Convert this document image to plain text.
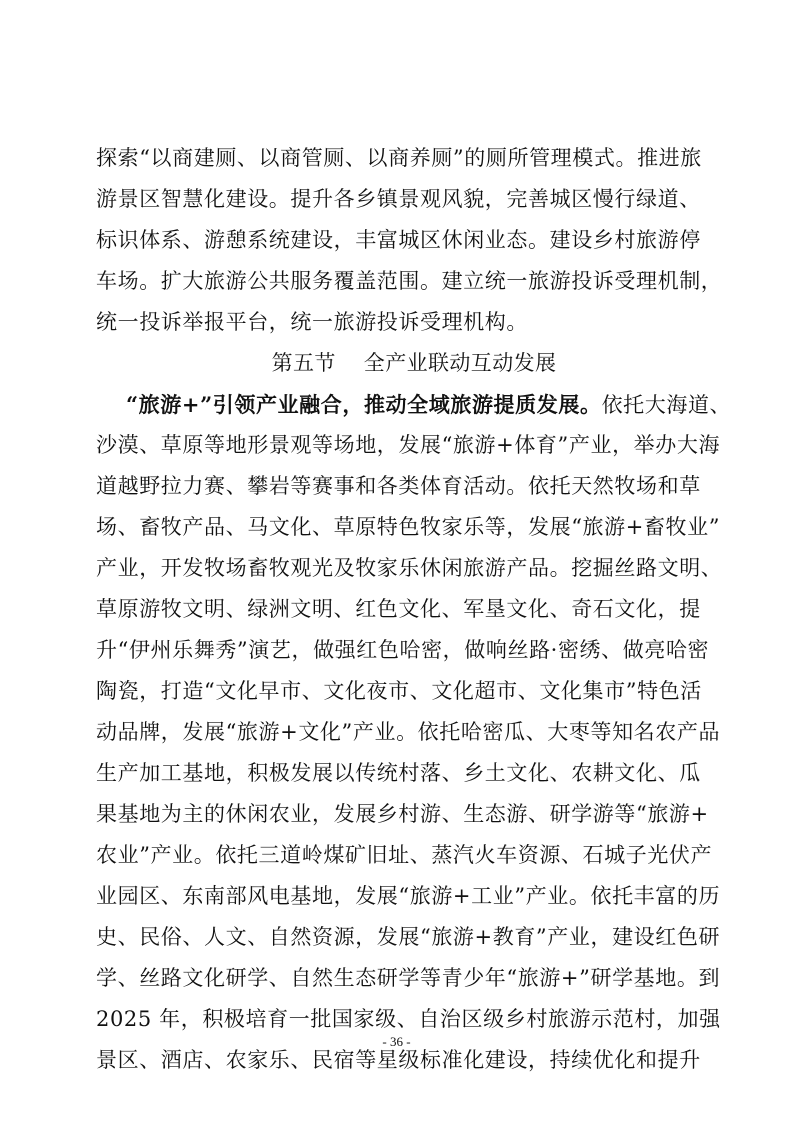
探索“以商建厕、以商管厕、以商养厕”的厕所管理模式。推进旅
游景区智慧化建设。提升各乡镇景观风貌，完善城区慢行绿道、
标识体系、游憩系统建设，丰富城区休闲业态。建设乡村旅游停
车场。扩大旅游公共服务覆盖范围。建立统一旅游投诉受理机制，
统一投诉举报平台，统一旅游投诉受理机构。
第五节 全产业联动互动发展
“旅游+”引领产业融合，推动全域旅游提质发展。依托大海道、
沙漠、草原等地形景观等场地，发展“旅游+体育”产业，举办大海
道越野拉力赛、攀岩等赛事和各类体育活动。依托天然牧场和草
场、畜牧产品、马文化、草原特色牧家乐等，发展“旅游+畜牧业”
产业，开发牧场畜牧观光及牧家乐休闲旅游产品。挖掘丝路文明、
草原游牧文明、绿洲文明、红色文化、军垦文化、奇石文化，提
升“伊州乐舞秀”演艺，做强红色哈密，做响丝路·密绣、做亮哈密
陶瓷，打造“文化早市、文化夜市、文化超市、文化集市”特色活
动品牌，发展“旅游+文化”产业。依托哈密瓜、大枣等知名农产品
生产加工基地，积极发展以传统村落、乡土文化、农耕文化、瓜
果基地为主的休闲农业，发展乡村游、生态游、研学游等“旅游+
农业”产业。依托三道岭煤矿旧址、蒸汽火车资源、石城子光伏产
业园区、东南部风电基地，发展“旅游+工业”产业。依托丰富的历
史、民俗、人文、自然资源，发展“旅游+教育”产业，建设红色研
学、丝路文化研学、自然生态研学等青少年“旅游+”研学基地。到
2025 年，积极培育一批国家级、自治区级乡村旅游示范村，加强
景区、酒店、农家乐、民宿等星级标准化建设，持续优化和提升
- 36 -
